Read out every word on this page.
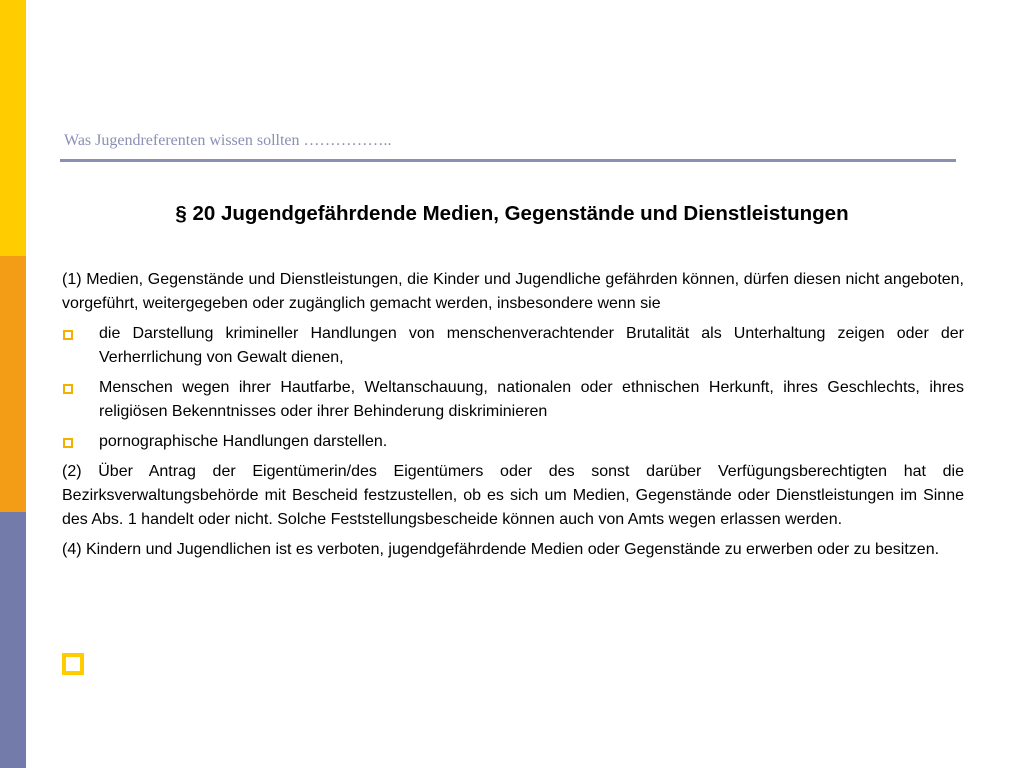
Was Jugendreferenten wissen sollten ……………..
§ 20 Jugendgefährdende Medien, Gegenstände und Dienstleistungen

(1) Medien, Gegenstände und Dienstleistungen, die Kinder und Jugendliche gefährden können, dürfen diesen nicht angeboten, vorgeführt, weitergegeben oder zugänglich gemacht werden, insbesondere wenn sie

die Darstellung krimineller Handlungen von menschenverachtender Brutalität als Unterhaltung zeigen oder der Verherrlichung von Gewalt dienen,
Menschen wegen ihrer Hautfarbe, Weltanschauung, nationalen oder ethnischen Herkunft, ihres Geschlechts, ihres religiösen Bekenntnisses oder ihrer Behinderung diskriminieren
pornographische Handlungen darstellen.

(2) Über Antrag der Eigentümerin/des Eigentümers oder des sonst darüber Verfügungsberechtigten hat die Bezirksverwaltungsbehörde mit Bescheid festzustellen, ob es sich um Medien, Gegenstände oder Dienstleistungen im Sinne des Abs. 1 handelt oder nicht. Solche Feststellungsbescheide können auch von Amts wegen erlassen werden.

(4) Kindern und Jugendlichen ist es verboten, jugendgefährdende Medien oder Gegenstände zu erwerben oder zu besitzen.
